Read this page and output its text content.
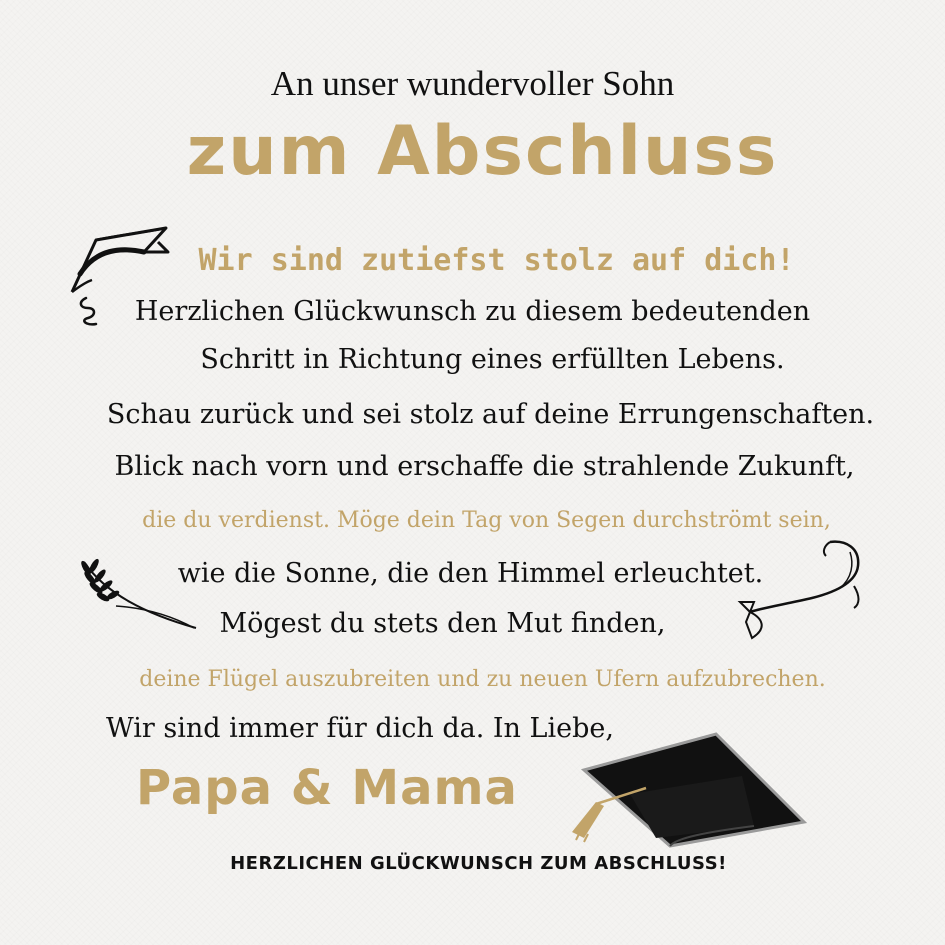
An unser wundervoller Sohn
zum Abschluss
Wir sind zutiefst stolz auf dich!
Herzlichen Glückwunsch zu diesem bedeutenden
Schritt in Richtung eines erfüllten Lebens.
Schau zurück und sei stolz auf deine Errungenschaften.
Blick nach vorn und erschaffe die strahlende Zukunft,
die du verdienst. Möge dein Tag von Segen durchströmt sein,
wie die Sonne, die den Himmel erleuchtet.
Mögest du stets den Mut finden,
deine Flügel auszubreiten und zu neuen Ufern aufzubrechen.
Wir sind immer für dich da. In Liebe,
Papa & Mama
HERZLICHEN GLÜCKWUNSCH ZUM ABSCHLUSS!
